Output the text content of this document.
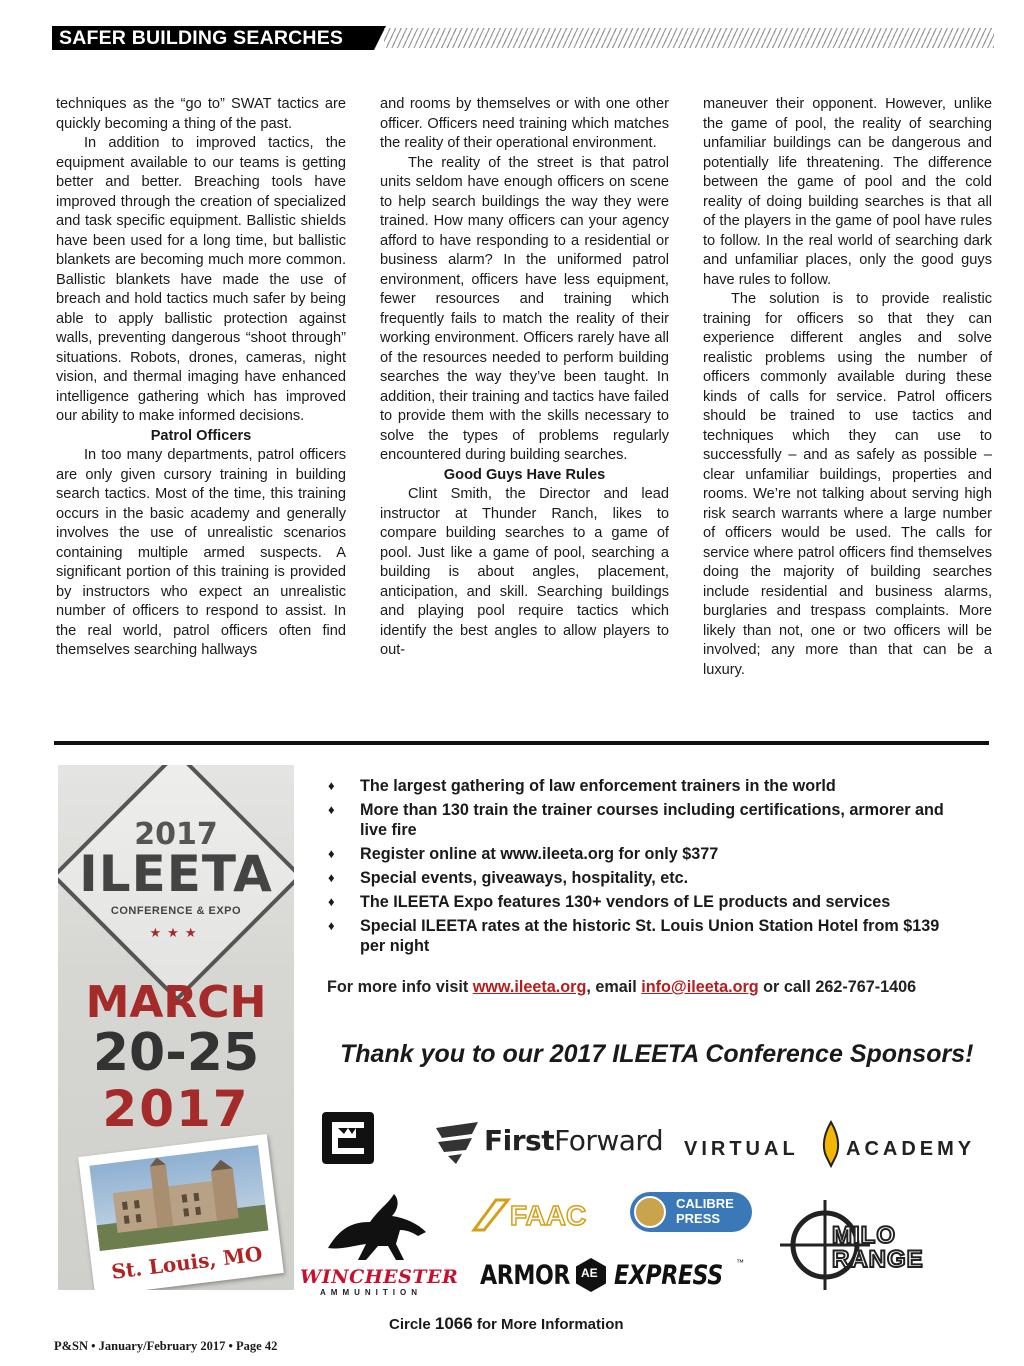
SAFER BUILDING SEARCHES

techniques as the “go to” SWAT tactics are quickly becoming a thing of the past.

In addition to improved tactics, the equipment available to our teams is getting better and better. Breaching tools have improved through the creation of specialized and task specific equipment. Ballistic shields have been used for a long time, but ballistic blankets are becoming much more common. Ballistic blankets have made the use of breach and hold tactics much safer by being able to apply ballistic protection against walls, preventing dangerous “shoot through” situations. Robots, drones, cameras, night vision, and thermal imaging have enhanced intelligence gathering which has improved our ability to make informed decisions.

Patrol Officers

In too many departments, patrol officers are only given cursory training in building search tactics. Most of the time, this training occurs in the basic academy and generally involves the use of unrealistic scenarios containing multiple armed suspects. A significant portion of this training is provided by instructors who expect an unrealistic number of officers to respond to assist. In the real world, patrol officers often find themselves searching hallways

and rooms by themselves or with one other officer. Officers need training which matches the reality of their operational environment.

The reality of the street is that patrol units seldom have enough officers on scene to help search buildings the way they were trained. How many officers can your agency afford to have responding to a residential or business alarm? In the uniformed patrol environment, officers have less equipment, fewer resources and training which frequently fails to match the reality of their working environment. Officers rarely have all of the resources needed to perform building searches the way they’ve been taught. In addition, their training and tactics have failed to provide them with the skills necessary to solve the types of problems regularly encountered during building searches.

Good Guys Have Rules

Clint Smith, the Director and lead instructor at Thunder Ranch, likes to compare building searches to a game of pool. Just like a game of pool, searching a building is about angles, placement, anticipation, and skill. Searching buildings and playing pool require tactics which identify the best angles to allow players to out-

maneuver their opponent. However, unlike the game of pool, the reality of searching unfamiliar buildings can be dangerous and potentially life threatening. The difference between the game of pool and the cold reality of doing building searches is that all of the players in the game of pool have rules to follow. In the real world of searching dark and unfamiliar places, only the good guys have rules to follow.

The solution is to provide realistic training for officers so that they can experience different angles and solve realistic problems using the number of officers commonly available during these kinds of calls for service. Patrol officers should be trained to use tactics and techniques which they can use to successfully – and as safely as possible – clear unfamiliar buildings, properties and rooms. We’re not talking about serving high risk search warrants where a large number of officers would be used. The calls for service where patrol officers find themselves doing the majority of building searches include residential and business alarms, burglaries and trespass complaints. More likely than not, one or two officers will be involved; any more than that can be a luxury.

2017
ILEETA
CONFERENCE & EXPO
★★★
MARCH
20-25
2017
St. Louis, MO
♦ The largest gathering of law enforcement trainers in the world
♦ More than 130 train the trainer courses including certifications, armorer and live fire
♦ Register online at www.ileeta.org for only $377
♦ Special events, giveaways, hospitality, etc.
♦ The ILEETA Expo features 130+ vendors of LE products and services
♦ Special ILEETA rates at the historic St. Louis Union Station Hotel from $139 per night
For more info visit www.ileeta.org, email info@ileeta.org or call 262-767-1406
Thank you to our 2017 ILEETA Conference Sponsors!
FirstForward VIRTUAL ACADEMY
FAAC	CALIBRE
PRESS
MILO
RANGE
WINCHESTER
AMMUNITION
ARMOR AE EXPRESS ™
Circle 1066 for More Information
P&SN • January/February 2017 • Page 42
